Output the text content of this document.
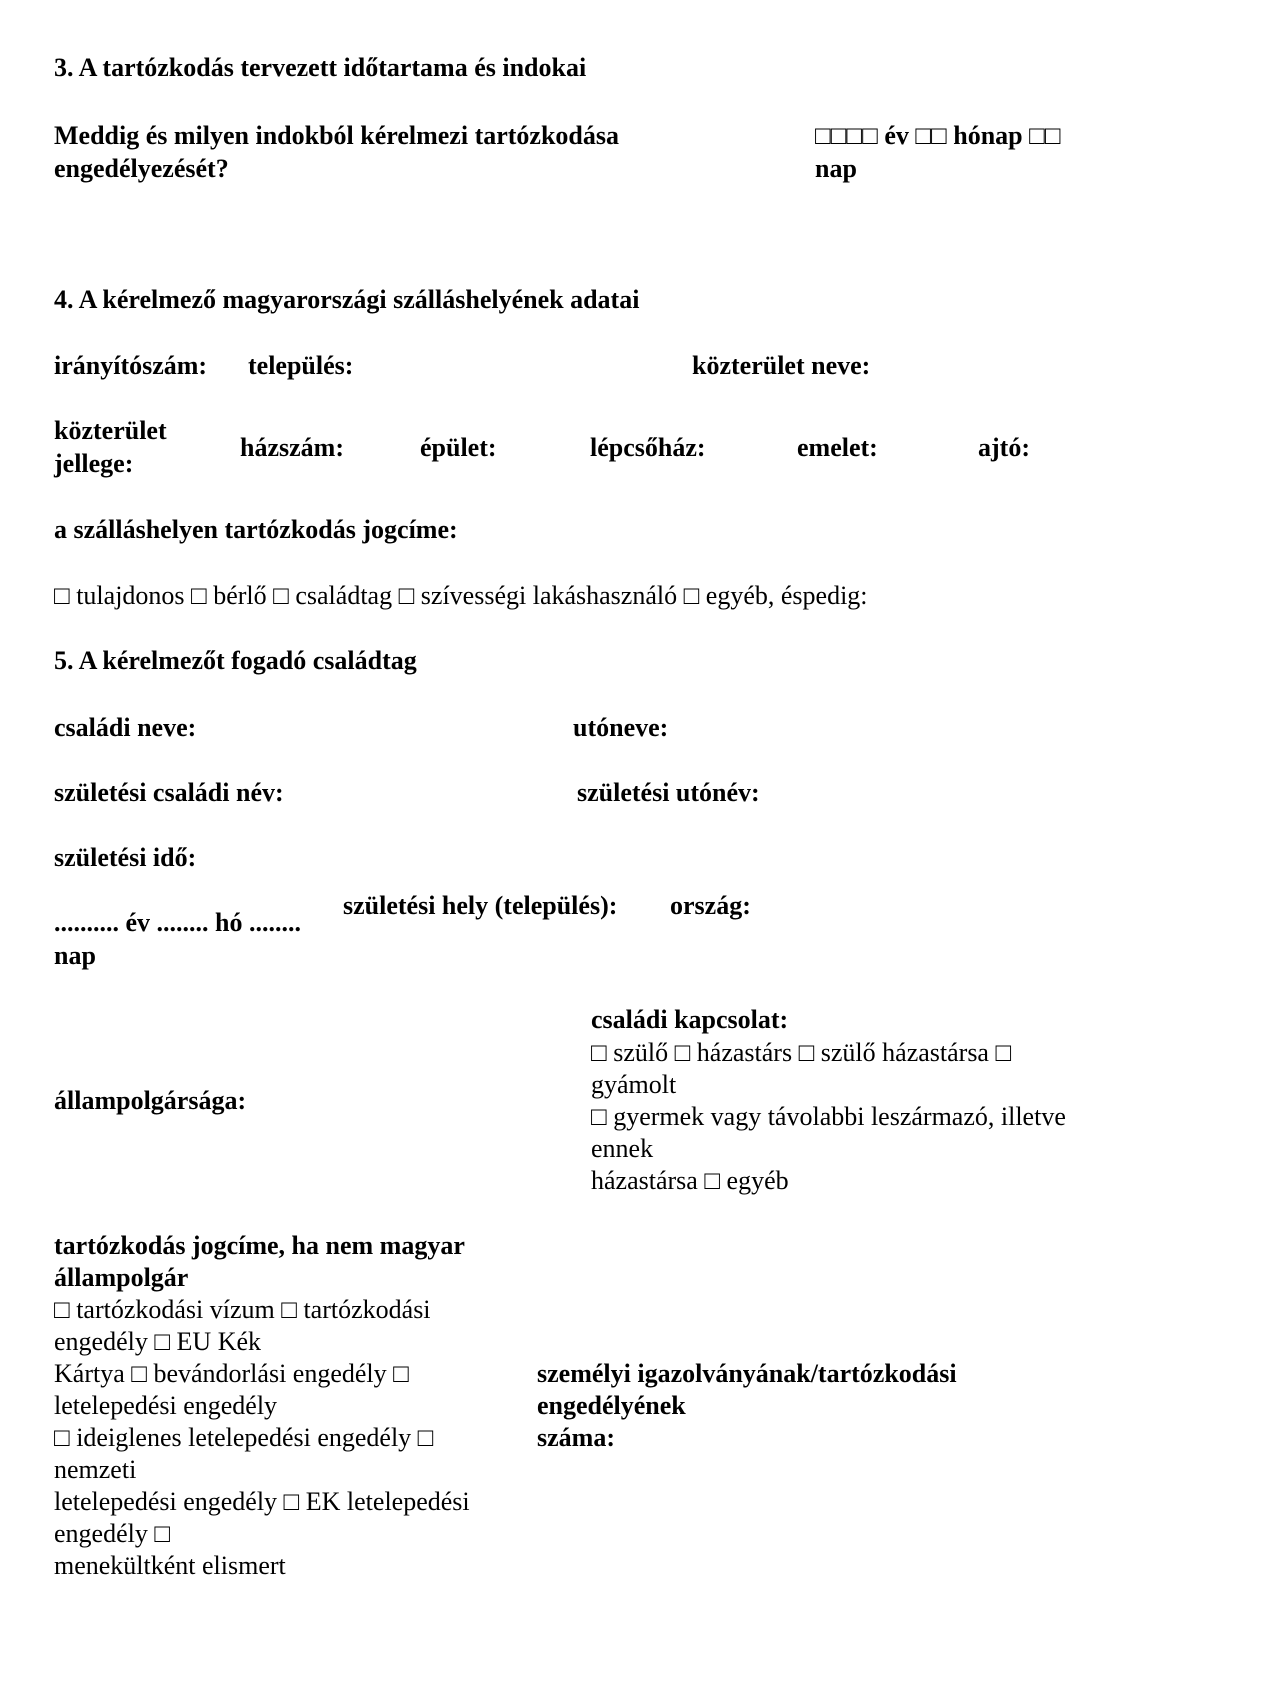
3. A tartózkodás tervezett időtartama és indokai
Meddig és milyen indokból kérelmezi tartózkodása
engedélyezését?
□□□□ év □□ hónap □□
nap
4. A kérelmező magyarországi szálláshelyének adatai
irányítószám: település:	közterület neve:
közterület
jellege:
házszám:	épület:	lépcsőház:	emelet:	ajtó:
a szálláshelyen tartózkodás jogcíme:
□ tulajdonos □ bérlő □ családtag □ szívességi lakáshasználó □ egyéb, éspedig:
5. A kérelmezőt fogadó családtag
családi neve:	utóneve:
születési családi név:	születési utónév:
születési idő:
.......... év ........ hó ........
nap
születési hely (település): ország:
családi kapcsolat:
□ szülő □ házastárs □ szülő házastársa □
gyámolt
□ gyermek vagy távolabbi leszármazó, illetve
ennek
házastársa □ egyéb
állampolgársága:
tartózkodás jogcíme, ha nem magyar
állampolgár
□ tartózkodási vízum □ tartózkodási
engedély □ EU Kék
Kártya □ bevándorlási engedély □
letelepedési engedély
□ ideiglenes letelepedési engedély □
nemzeti
letelepedési engedély □ EK letelepedési
engedély □
menekültként elismert
személyi igazolványának/tartózkodási
engedélyének
száma:
